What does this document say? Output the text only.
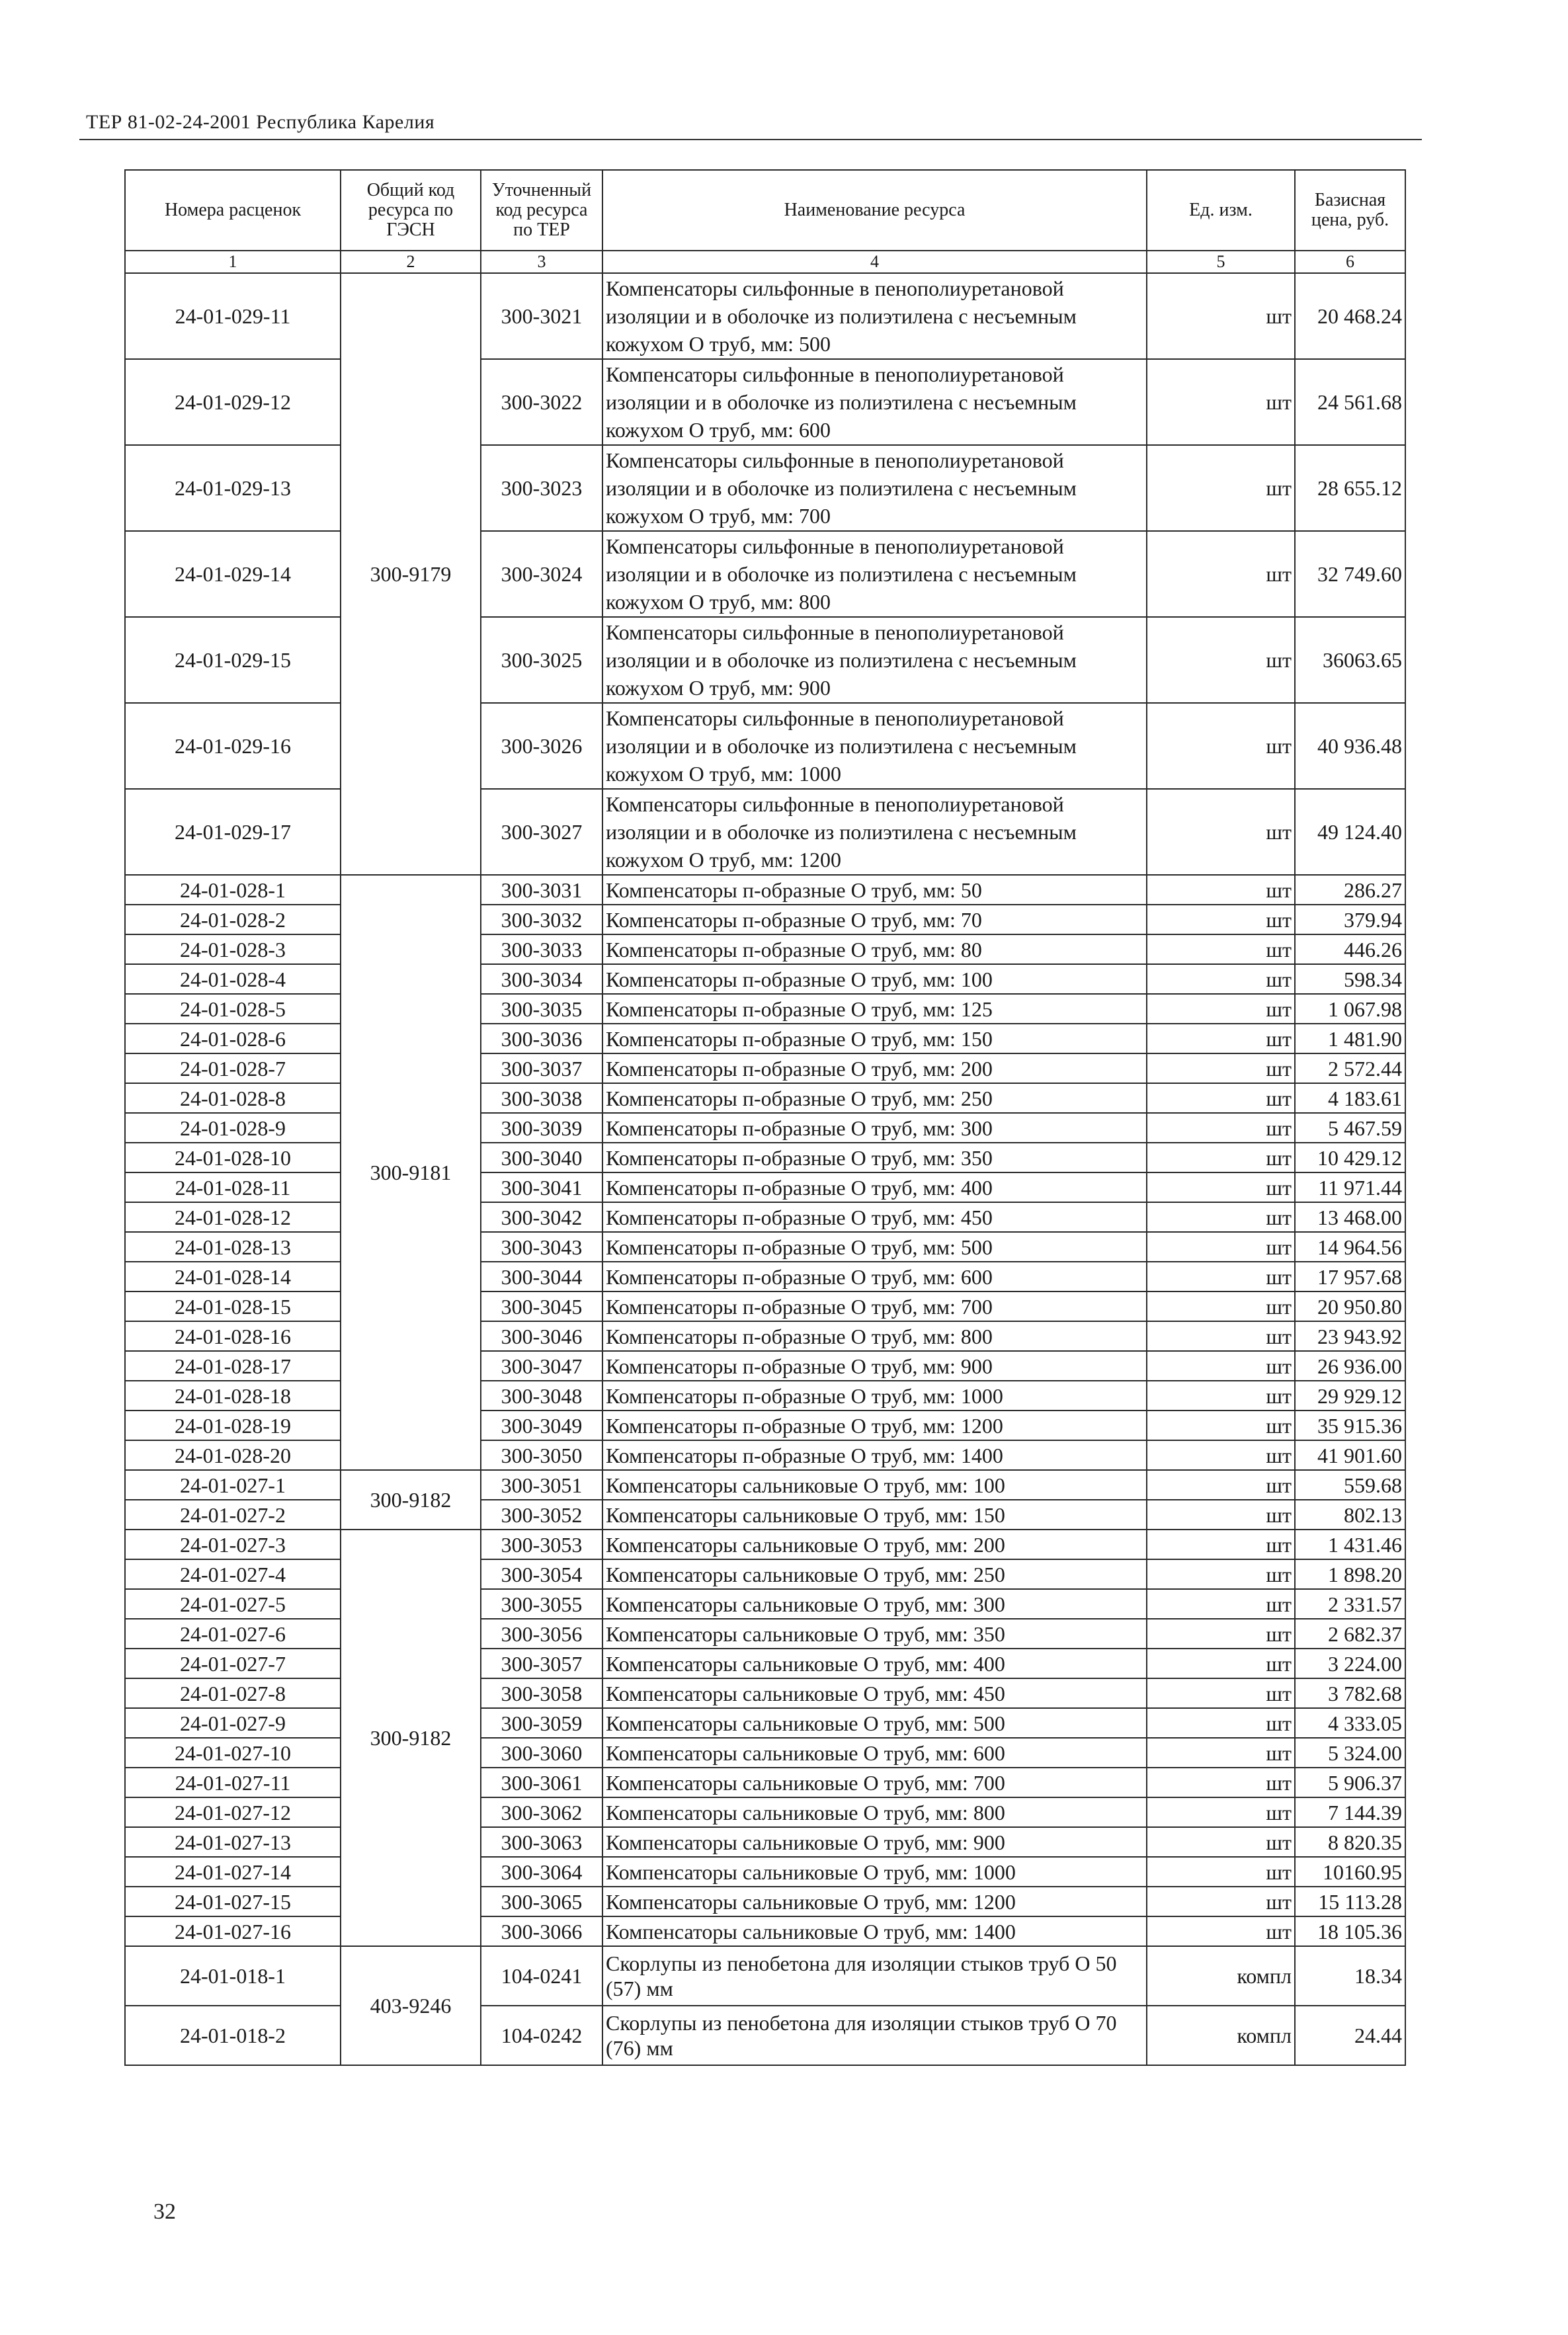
ТЕР 81-02-24-2001 Республика Карелия
Номера расценок	Общий код ресурса по ГЭСН	Уточненный код ресурса по ТЕР	Наименование ресурса	Ед. изм.	Базисная цена, руб.
1	2	3	4	5	6
24-01-029-11	300-9179	300-3021	Компенсаторы сильфонные в пенополиуретановой изоляции и в оболочке из полиэтилена с несъемным кожухом О труб, мм: 500	шт	20 468.24
24-01-029-12		300-3022	Компенсаторы сильфонные в пенополиуретановой изоляции и в оболочке из полиэтилена с несъемным кожухом О труб, мм: 600	шт	24 561.68
24-01-029-13		300-3023	Компенсаторы сильфонные в пенополиуретановой изоляции и в оболочке из полиэтилена с несъемным кожухом О труб, мм: 700	шт	28 655.12
24-01-029-14		300-3024	Компенсаторы сильфонные в пенополиуретановой изоляции и в оболочке из полиэтилена с несъемным кожухом О труб, мм: 800	шт	32 749.60
24-01-029-15		300-3025	Компенсаторы сильфонные в пенополиуретановой изоляции и в оболочке из полиэтилена с несъемным кожухом О труб, мм: 900	шт	36063.65
24-01-029-16		300-3026	Компенсаторы сильфонные в пенополиуретановой изоляции и в оболочке из полиэтилена с несъемным кожухом О труб, мм: 1000	шт	40 936.48
24-01-029-17		300-3027	Компенсаторы сильфонные в пенополиуретановой изоляции и в оболочке из полиэтилена с несъемным кожухом О труб, мм: 1200	шт	49 124.40
24-01-028-1	300-9181	300-3031	Компенсаторы п-образные О труб, мм: 50	шт	286.27
24-01-028-2		300-3032	Компенсаторы п-образные О труб, мм: 70	шт	379.94
24-01-028-3		300-3033	Компенсаторы п-образные О труб, мм: 80	шт	446.26
24-01-028-4		300-3034	Компенсаторы п-образные О труб, мм: 100	шт	598.34
24-01-028-5		300-3035	Компенсаторы п-образные О труб, мм: 125	шт	1 067.98
24-01-028-6		300-3036	Компенсаторы п-образные О труб, мм: 150	шт	1 481.90
24-01-028-7		300-3037	Компенсаторы п-образные О труб, мм: 200	шт	2 572.44
24-01-028-8		300-3038	Компенсаторы п-образные О труб, мм: 250	шт	4 183.61
24-01-028-9		300-3039	Компенсаторы п-образные О труб, мм: 300	шт	5 467.59
24-01-028-10		300-3040	Компенсаторы п-образные О труб, мм: 350	шт	10 429.12
24-01-028-11		300-3041	Компенсаторы п-образные О труб, мм: 400	шт	11 971.44
24-01-028-12		300-3042	Компенсаторы п-образные О труб, мм: 450	шт	13 468.00
24-01-028-13		300-3043	Компенсаторы п-образные О труб, мм: 500	шт	14 964.56
24-01-028-14		300-3044	Компенсаторы п-образные О труб, мм: 600	шт	17 957.68
24-01-028-15		300-3045	Компенсаторы п-образные О труб, мм: 700	шт	20 950.80
24-01-028-16		300-3046	Компенсаторы п-образные О труб, мм: 800	шт	23 943.92
24-01-028-17		300-3047	Компенсаторы п-образные О труб, мм: 900	шт	26 936.00
24-01-028-18		300-3048	Компенсаторы п-образные О труб, мм: 1000	шт	29 929.12
24-01-028-19		300-3049	Компенсаторы п-образные О труб, мм: 1200	шт	35 915.36
24-01-028-20		300-3050	Компенсаторы п-образные О труб, мм: 1400	шт	41 901.60
24-01-027-1	300-9182	300-3051	Компенсаторы сальниковые О труб, мм: 100	шт	559.68
24-01-027-2		300-3052	Компенсаторы сальниковые О труб, мм: 150	шт	802.13
24-01-027-3	300-9182	300-3053	Компенсаторы сальниковые О труб, мм: 200	шт	1 431.46
24-01-027-4		300-3054	Компенсаторы сальниковые О труб, мм: 250	шт	1 898.20
24-01-027-5		300-3055	Компенсаторы сальниковые О труб, мм: 300	шт	2 331.57
24-01-027-6		300-3056	Компенсаторы сальниковые О труб, мм: 350	шт	2 682.37
24-01-027-7		300-3057	Компенсаторы сальниковые О труб, мм: 400	шт	3 224.00
24-01-027-8		300-3058	Компенсаторы сальниковые О труб, мм: 450	шт	3 782.68
24-01-027-9		300-3059	Компенсаторы сальниковые О труб, мм: 500	шт	4 333.05
24-01-027-10		300-3060	Компенсаторы сальниковые О труб, мм: 600	шт	5 324.00
24-01-027-11		300-3061	Компенсаторы сальниковые О труб, мм: 700	шт	5 906.37
24-01-027-12		300-3062	Компенсаторы сальниковые О труб, мм: 800	шт	7 144.39
24-01-027-13		300-3063	Компенсаторы сальниковые О труб, мм: 900	шт	8 820.35
24-01-027-14		300-3064	Компенсаторы сальниковые О труб, мм: 1000	шт	10160.95
24-01-027-15		300-3065	Компенсаторы сальниковые О труб, мм: 1200	шт	15 113.28
24-01-027-16		300-3066	Компенсаторы сальниковые О труб, мм: 1400	шт	18 105.36
24-01-018-1	403-9246	104-0241	Скорлупы из пенобетона для изоляции стыков труб О 50 (57) мм	компл	18.34
24-01-018-2		104-0242	Скорлупы из пенобетона для изоляции стыков труб О 70 (76) мм	компл	24.44
32
